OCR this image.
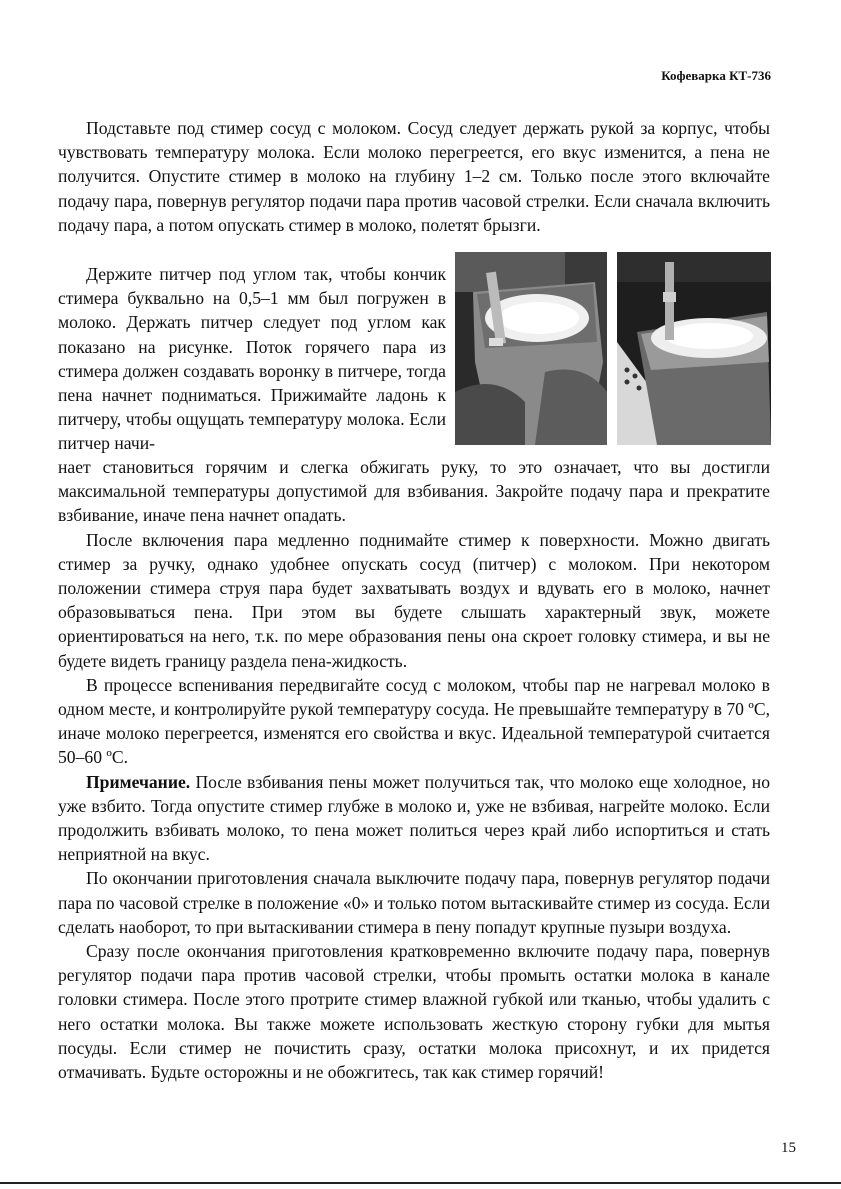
Кофеварка КТ-736

Подставьте под стимер сосуд с молоком. Сосуд следует держать рукой за корпус, чтобы чувствовать температуру молока. Если молоко перегреется, его вкус изменится, а пена не получится. Опустите стимер в молоко на глубину 1–2 см. Только после этого включайте подачу пара, повернув регулятор подачи пара против часовой стрелки. Если сначала включить подачу пара, а потом опускать стимер в молоко, полетят брызги.

Держите питчер под углом так, чтобы кончик стимера буквально на 0,5–1 мм был погружен в молоко. Держать питчер следует под углом как показано на рисунке. Поток горячего пара из стимера должен создавать воронку в питчере, тогда пена начнет подниматься. Прижимайте ладонь к питчеру, чтобы ощущать температуру молока. Если питчер начи-

нает становиться горячим и слегка обжигать руку, то это означает, что вы достигли максимальной температуры допустимой для взбивания. Закройте подачу пара и прекратите взбивание, иначе пена начнет опадать.

После включения пара медленно поднимайте стимер к поверхности. Можно двигать стимер за ручку, однако удобнее опускать сосуд (питчер) с молоком. При некотором положении стимера струя пара будет захватывать воздух и вдувать его в молоко, начнет образовываться пена. При этом вы будете слышать характерный звук, можете ориентироваться на него, т.к. по мере образования пены она скроет головку стимера, и вы не будете видеть границу раздела пена-жидкость.

В процессе вспенивания передвигайте сосуд с молоком, чтобы пар не нагревал молоко в одном месте, и контролируйте рукой температуру сосуда. Не превышайте температуру в 70 ºС, иначе молоко перегреется, изменятся его свойства и вкус. Идеальной температурой считается 50–60 ºС.

Примечание. После взбивания пены может получиться так, что молоко еще холодное, но уже взбито. Тогда опустите стимер глубже в молоко и, уже не взбивая, нагрейте молоко. Если продолжить взбивать молоко, то пена может политься через край либо испортиться и стать неприятной на вкус.

По окончании приготовления сначала выключите подачу пара, повернув регулятор подачи пара по часовой стрелке в положение «0» и только потом вытаскивайте стимер из сосуда. Если сделать наоборот, то при вытаскивании стимера в пену попадут крупные пузыри воздуха.

Сразу после окончания приготовления кратковременно включите подачу пара, повернув регулятор подачи пара против часовой стрелки, чтобы промыть остатки молока в канале головки стимера. После этого протрите стимер влажной губкой или тканью, чтобы удалить с него остатки молока. Вы также можете использовать жесткую сторону губки для мытья посуды. Если стимер не почистить сразу, остатки молока присохнут, и их придется отмачивать. Будьте осторожны и не обожгитесь, так как стимер горячий!

15
